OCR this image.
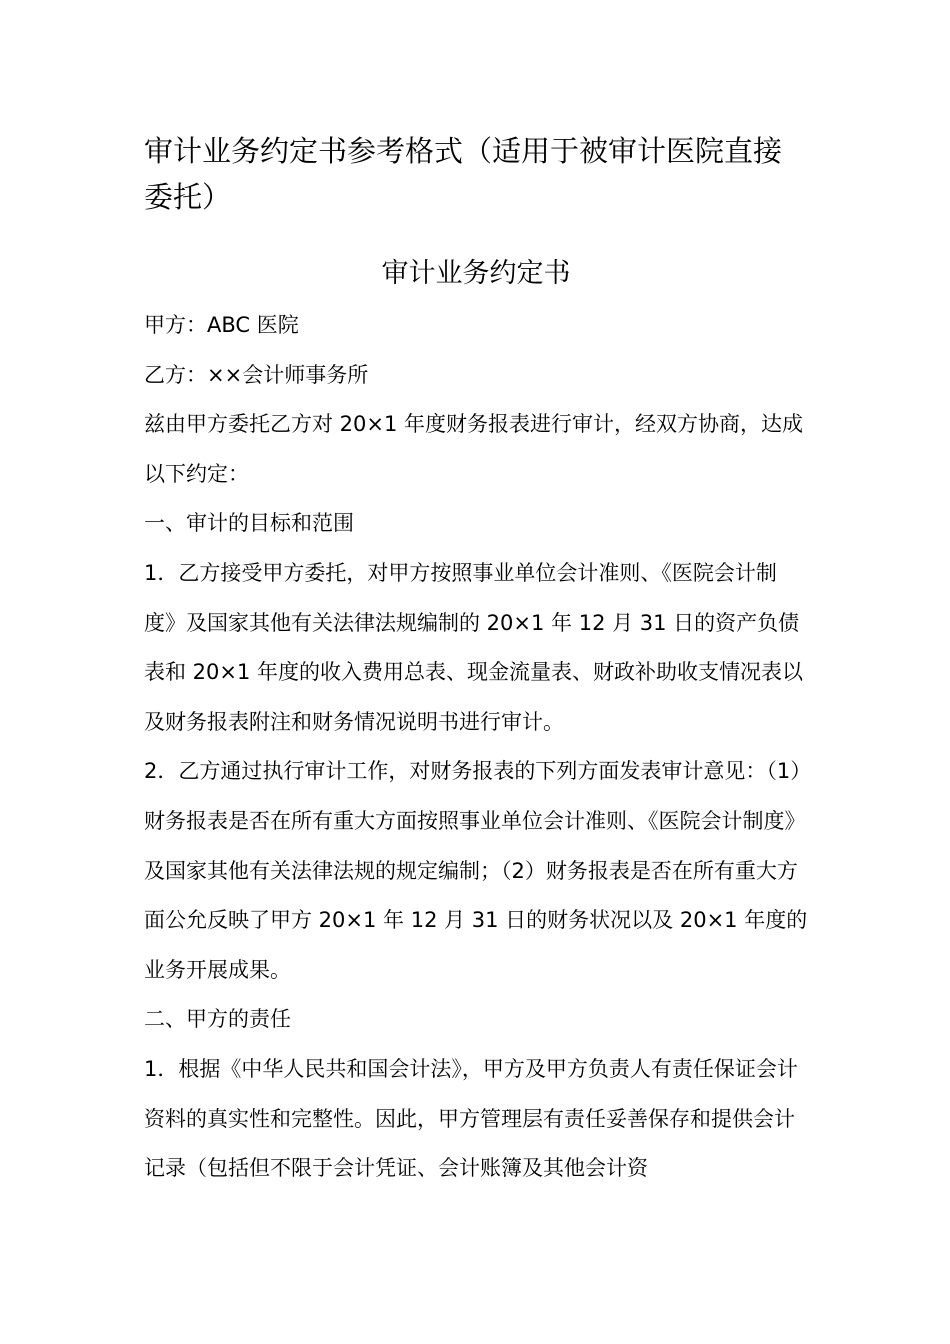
审计业务约定书参考格式（适用于被审计医院直接委托）
审计业务约定书

甲方：ABC 医院

乙方：××会计师事务所

兹由甲方委托乙方对 20×1 年度财务报表进行审计，经双方协商，达成以下约定：

一、审计的目标和范围

1．乙方接受甲方委托，对甲方按照事业单位会计准则、《医院会计制度》及国家其他有关法律法规编制的 20×1 年 12 月 31 日的资产负债表和 20×1 年度的收入费用总表、现金流量表、财政补助收支情况表以及财务报表附注和财务情况说明书进行审计。

2．乙方通过执行审计工作，对财务报表的下列方面发表审计意见：（1）财务报表是否在所有重大方面按照事业单位会计准则、《医院会计制度》及国家其他有关法律法规的规定编制；（2）财务报表是否在所有重大方面公允反映了甲方 20×1 年 12 月 31 日的财务状况以及 20×1 年度的业务开展成果。

二、甲方的责任

1．根据《中华人民共和国会计法》，甲方及甲方负责人有责任保证会计资料的真实性和完整性。因此，甲方管理层有责任妥善保存和提供会计记录（包括但不限于会计凭证、会计账簿及其他会计资
